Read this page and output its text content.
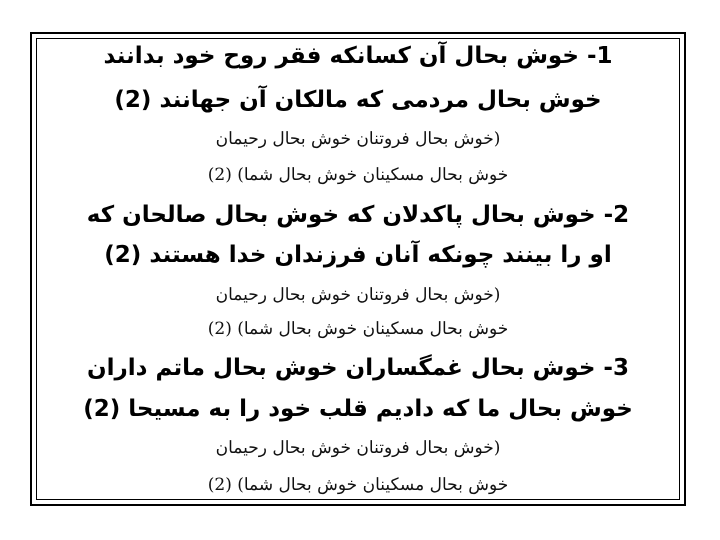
1- خوش بحال آن کسانکه فقر روح خود بدانند
خوش بحال مردمی که مالکان آن جهانند (2)
(خوش بحال فروتنان خوش بحال رحیمان
خوش بحال مسکینان خوش بحال شما) (2)
2- خوش بحال پاکدلان که خوش بحال صالحان که
او را بینند چونکه آنان فرزندان خدا هستند (2)
(خوش بحال فروتنان خوش بحال رحیمان
خوش بحال مسکینان خوش بحال شما) (2)
3- خوش بحال غمگساران خوش بحال ماتم داران
خوش بحال ما که دادیم قلب خود را به مسیحا (2)
(خوش بحال فروتنان خوش بحال رحیمان
خوش بحال مسکینان خوش بحال شما) (2)
